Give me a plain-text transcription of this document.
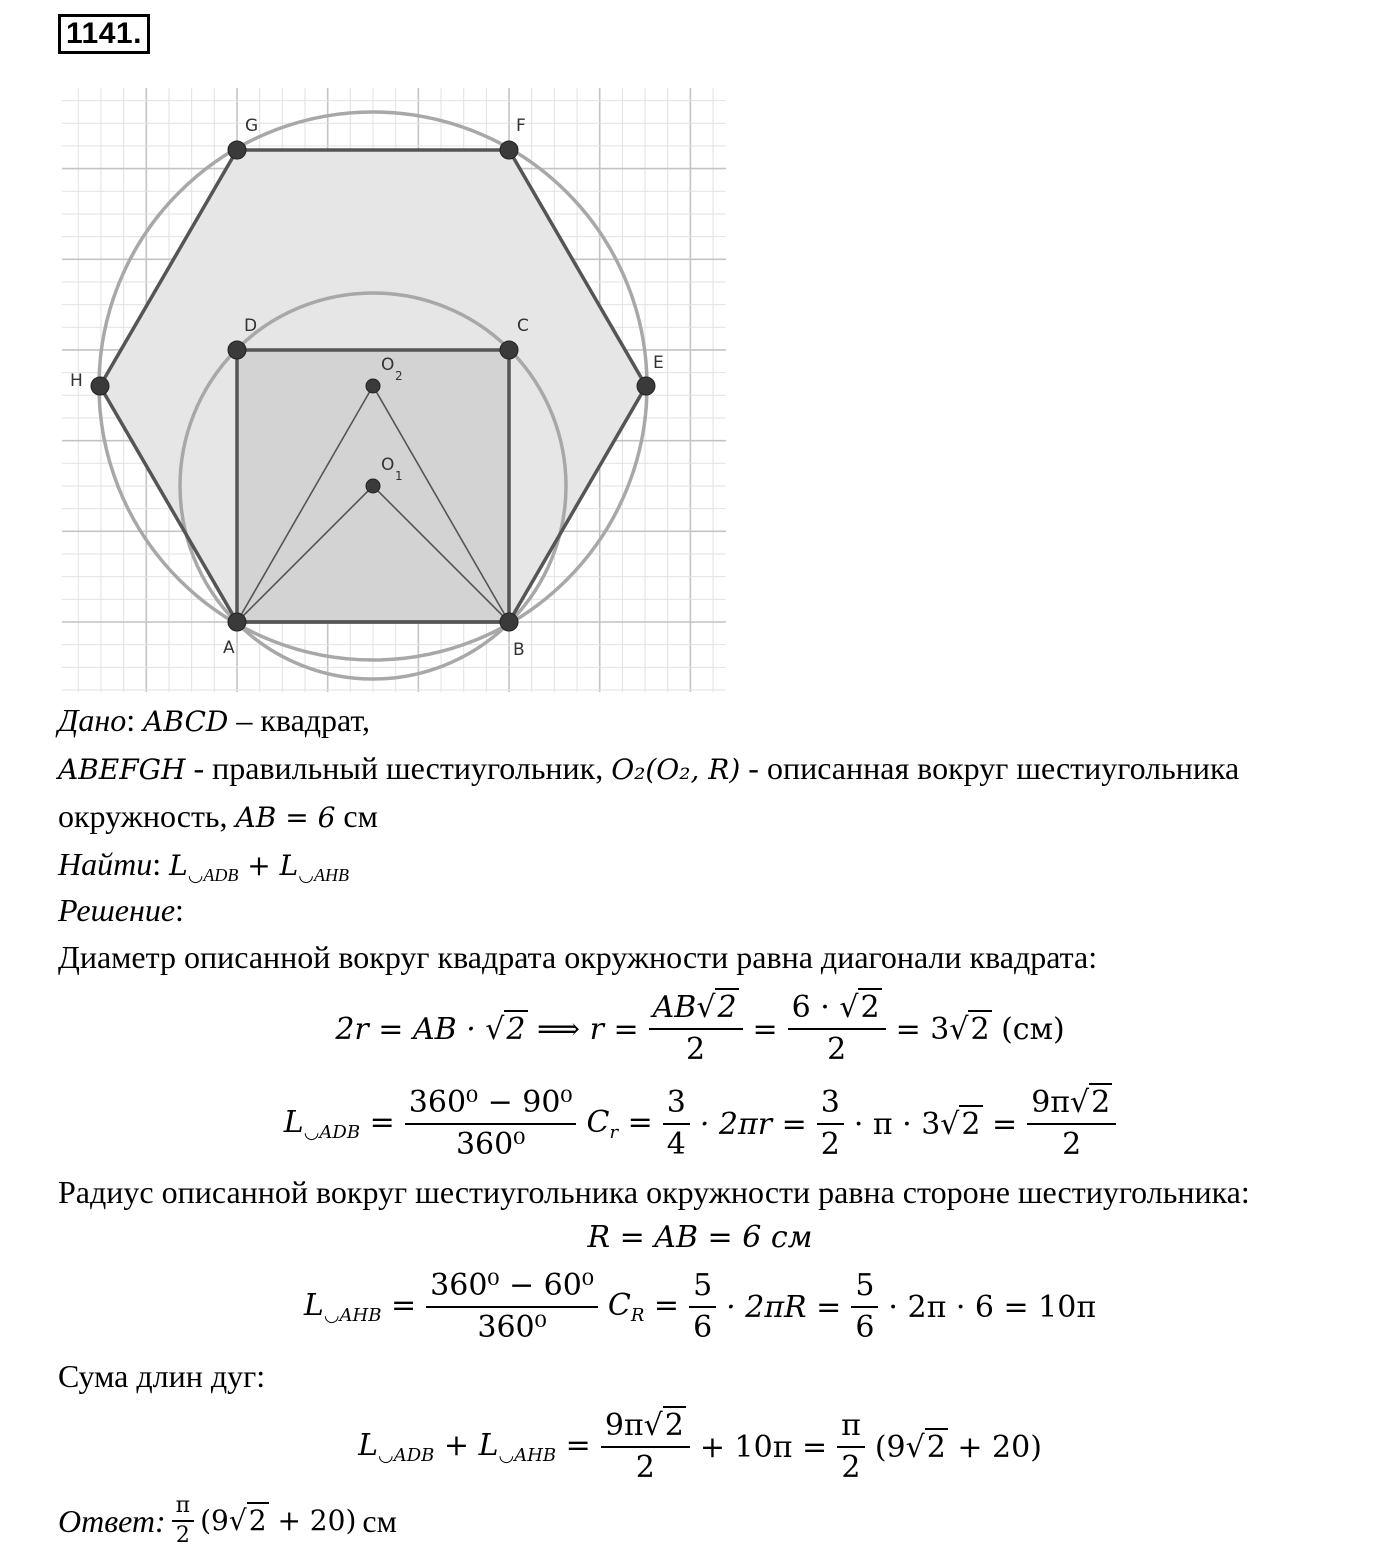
1141.
G	F
D	C
H
E
A	B
O
2
O
1
Дано: ABCD – квадрат,
ABEFGH - правильный шестиугольник, O₂(O₂, R) - описанная вокруг шестиугольника
окружность, AB = 6 см
Найти: L◡ADB + L◡AHB
Решение:
Диаметр описанной вокруг квадрата окружности равна диагонали квадрата:
2r = AB · √2 ⟹ $r = \frac{AB√2}{2} = \frac{6 \cdot √2}{2} = 3√2$ (см)
$L_{◡ADB} = \frac{\text{360⁰ − 90⁰}}{\text{360⁰}} C_r = \frac{3}{4} \cdot 2\pi r = \frac{3}{2} \cdot \pi \cdot 3√2 = \frac{9\pi√2}{2}$
Радиус описанной вокруг шестиугольника окружности равна стороне шестиугольника:
R = AB = 6 см
$L_{◡AHB} = \frac{\text{360⁰ − 60⁰}}{\text{360⁰}} C_R = \frac{5}{6} \cdot 2\pi R = \frac{5}{6} \cdot 2\pi \cdot 6 = 10\pi$
Сума длин дуг:
$L_{◡ADB} + L_{◡AHB} = \frac{9\pi√2}{2} + 10\pi = \frac{\pi}{2} (9√2 + 20)$
Ответ: $\frac{\pi}{2} (9√2 + 20)$ см
